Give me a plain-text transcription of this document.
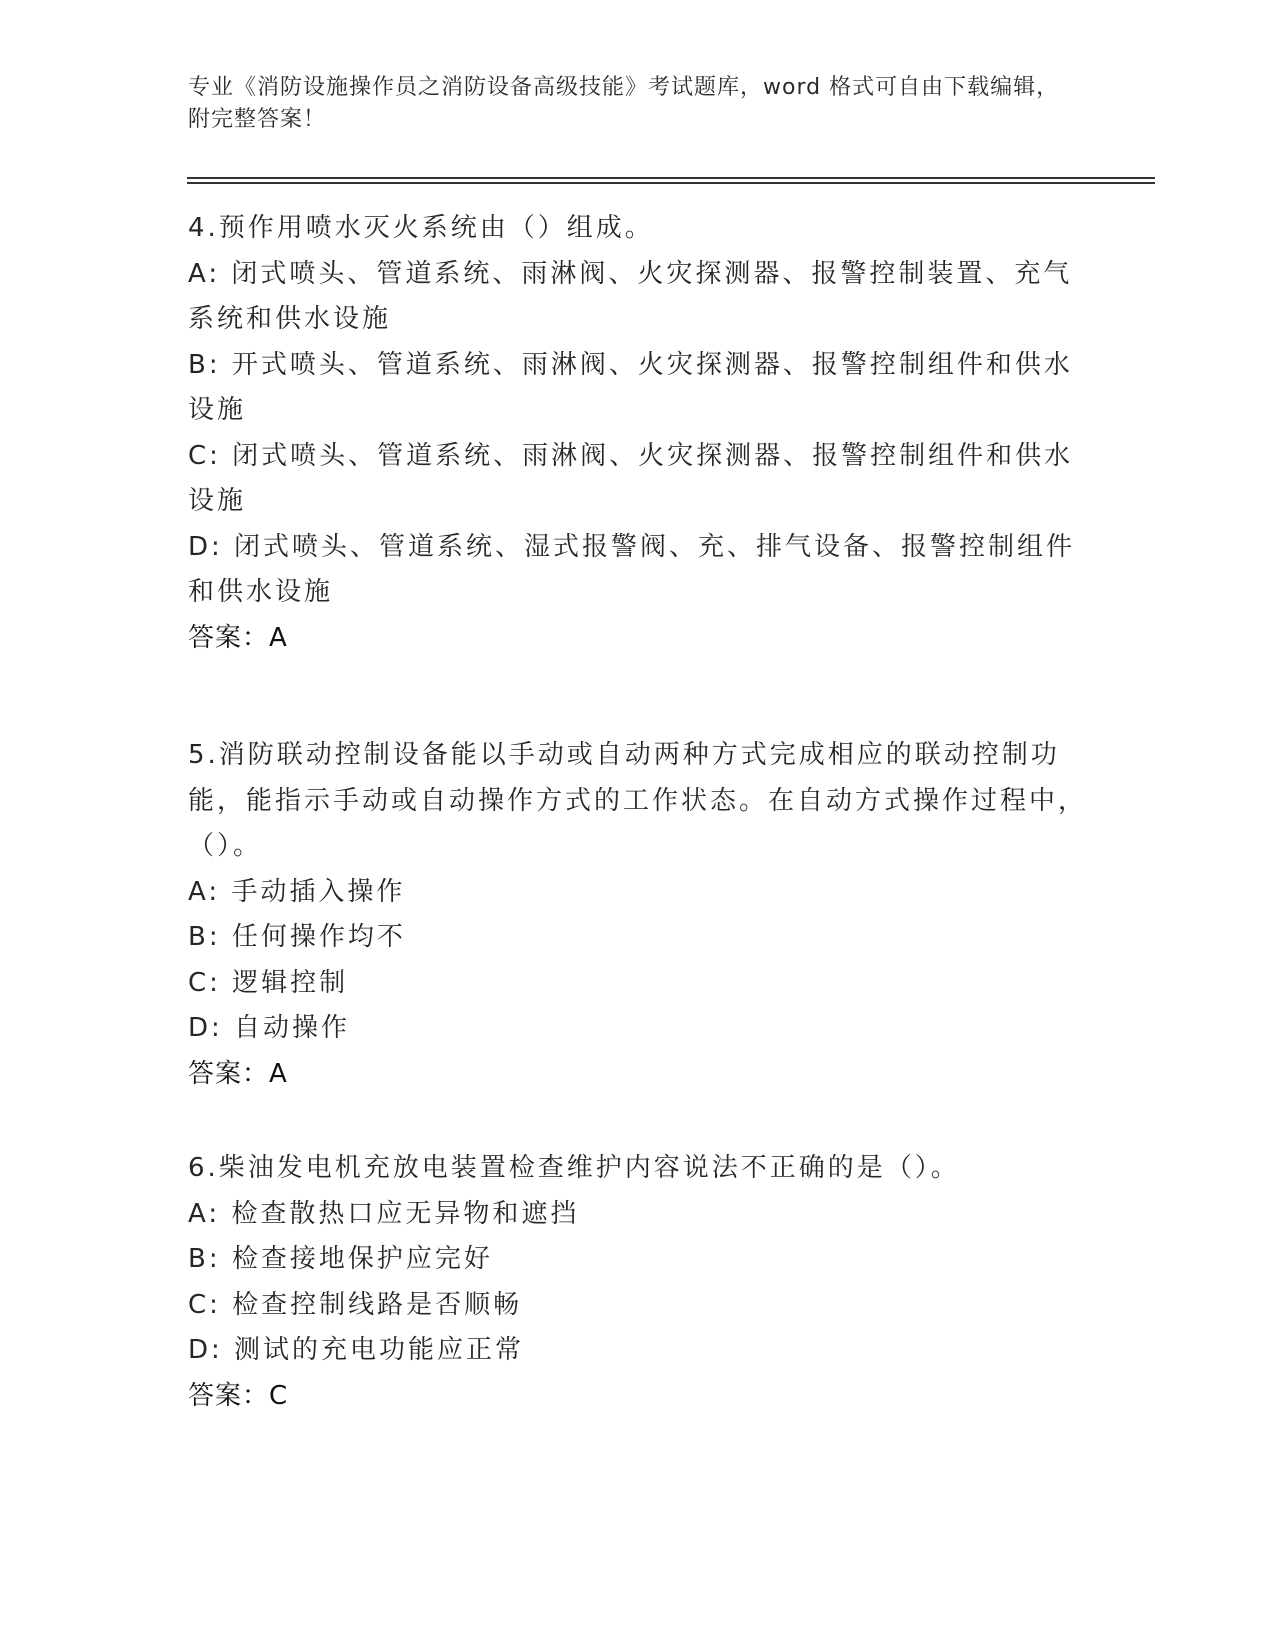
专业《消防设施操作员之消防设备高级技能》考试题库，word 格式可自由下载编辑，附完整答案！

4.预作用喷水灭火系统由（）组成。

A: 闭式喷头、管道系统、雨淋阀、火灾探测器、报警控制装置、充气系统和供水设施

B: 开式喷头、管道系统、雨淋阀、火灾探测器、报警控制组件和供水设施

C: 闭式喷头、管道系统、雨淋阀、火灾探测器、报警控制组件和供水设施

D: 闭式喷头、管道系统、湿式报警阀、充、排气设备、报警控制组件和供水设施

答案：A

5.消防联动控制设备能以手动或自动两种方式完成相应的联动控制功能，能指示手动或自动操作方式的工作状态。在自动方式操作过程中，（）。

A: 手动插入操作

B: 任何操作均不

C: 逻辑控制

D: 自动操作

答案：A

6.柴油发电机充放电装置检查维护内容说法不正确的是（）。

A: 检查散热口应无异物和遮挡

B: 检查接地保护应完好

C: 检查控制线路是否顺畅

D: 测试的充电功能应正常

答案：C
